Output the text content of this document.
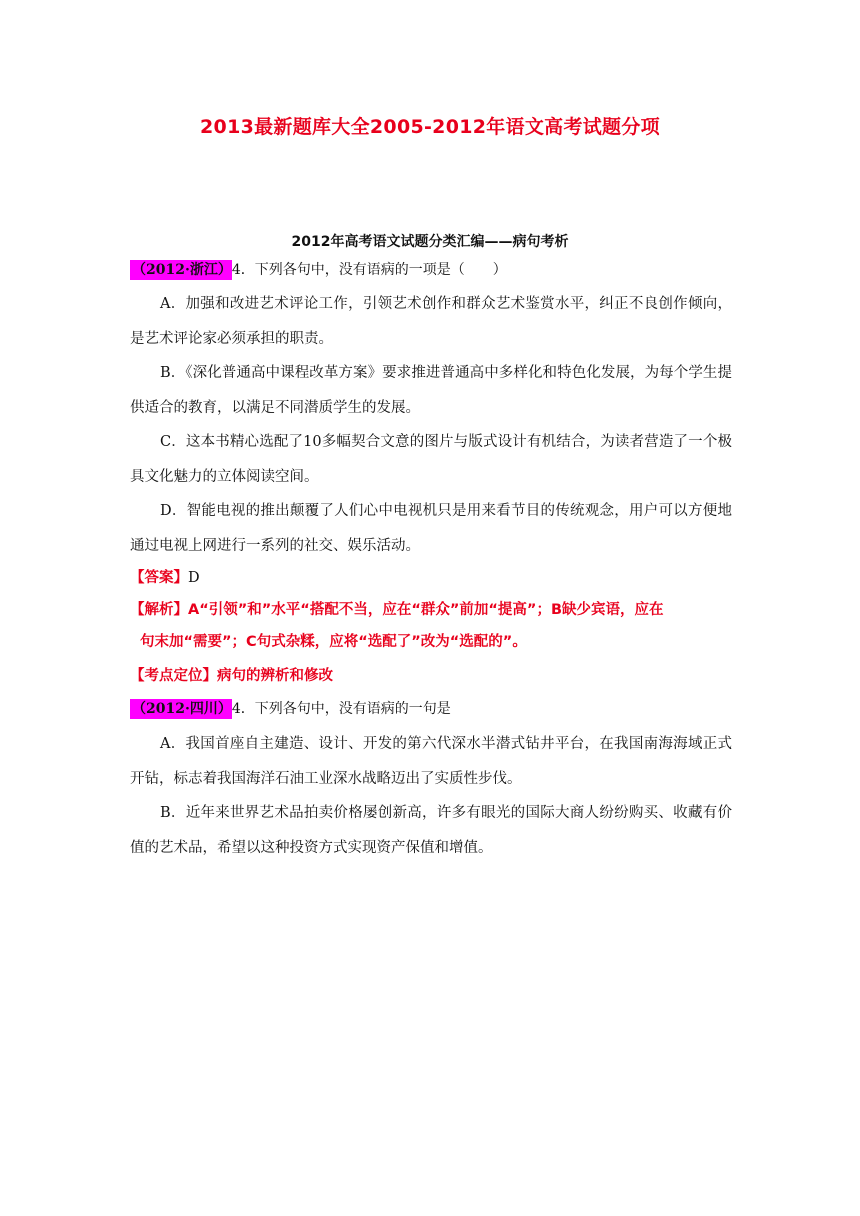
2013最新题库大全2005-2012年语文高考试题分项
2012年高考语文试题分类汇编——病句考析
（2012·浙江）4．下列各句中，没有语病的一项是（　　）

A．加强和改进艺术评论工作，引领艺术创作和群众艺术鉴赏水平，纠正不良创作倾向，是艺术评论家必须承担的职责。

B．《深化普通高中课程改革方案》要求推进普通高中多样化和特色化发展，为每个学生提供适合的教育，以满足不同潜质学生的发展。

C．这本书精心选配了10多幅契合文意的图片与版式设计有机结合，为读者营造了一个极具文化魅力的立体阅读空间。

D．智能电视的推出颠覆了人们心中电视机只是用来看节目的传统观念，用户可以方便地通过电视上网进行一系列的社交、娱乐活动。

【答案】D

【解析】A“引领”和”水平“搭配不当，应在“群众”前加“提高”；B缺少宾语，应在
句末加“需要”；C句式杂糅，应将“选配了”改为“选配的”。

【考点定位】病句的辨析和修改

（2012·四川）4．下列各句中，没有语病的一句是

A．我国首座自主建造、设计、开发的第六代深水半潜式钻井平台，在我国南海海域正式开钻，标志着我国海洋石油工业深水战略迈出了实质性步伐。

B．近年来世界艺术品拍卖价格屡创新高，许多有眼光的国际大商人纷纷购买、收藏有价值的艺术品，希望以这种投资方式实现资产保值和增值。
